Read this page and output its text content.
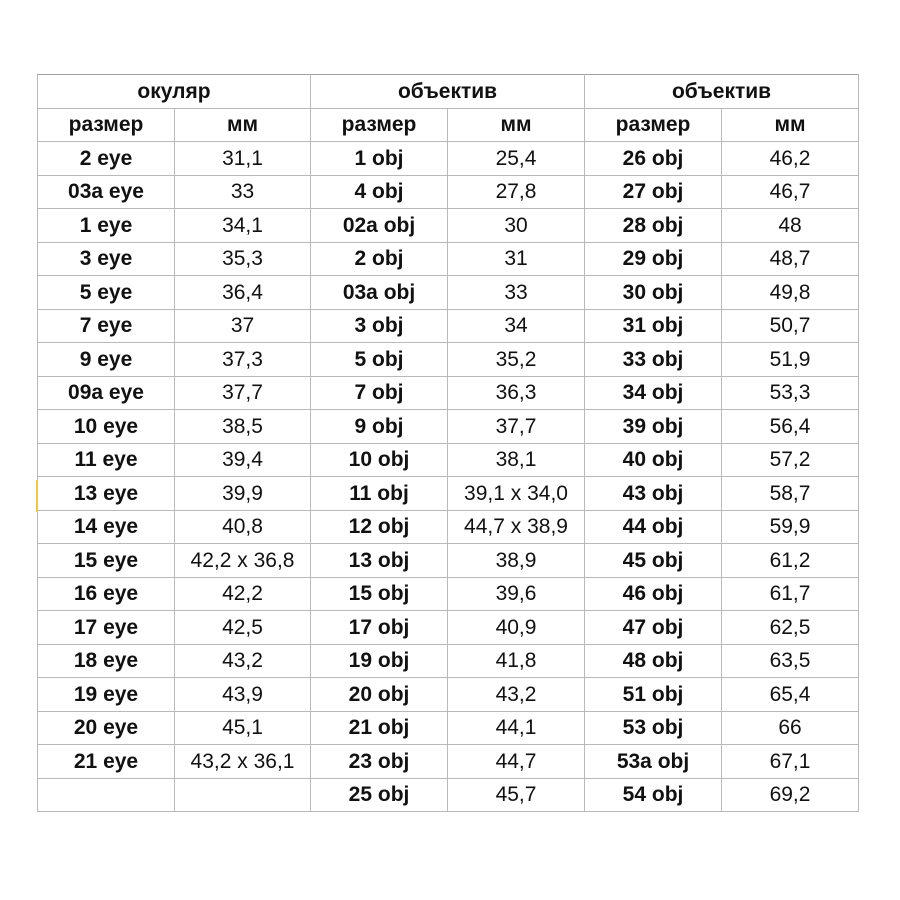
окуляр		объектив		объектив	
размер	мм	размер	мм	размер	мм
2 eye	31,1	1 obj	25,4	26 obj	46,2
03a eye	33	4 obj	27,8	27 obj	46,7
1 eye	34,1	02a obj	30	28 obj	48
3 eye	35,3	2 obj	31	29 obj	48,7
5 eye	36,4	03a obj	33	30 obj	49,8
7 eye	37	3 obj	34	31 obj	50,7
9 eye	37,3	5 obj	35,2	33 obj	51,9
09a eye	37,7	7 obj	36,3	34 obj	53,3
10 eye	38,5	9 obj	37,7	39 obj	56,4
11 eye	39,4	10 obj	38,1	40 obj	57,2
13 eye	39,9	11 obj	39,1 x 34,0	43 obj	58,7
14 eye	40,8	12 obj	44,7 x 38,9	44 obj	59,9
15 eye	42,2 x 36,8	13 obj	38,9	45 obj	61,2
16 eye	42,2	15 obj	39,6	46 obj	61,7
17 eye	42,5	17 obj	40,9	47 obj	62,5
18 eye	43,2	19 obj	41,8	48 obj	63,5
19 eye	43,9	20 obj	43,2	51 obj	65,4
20 eye	45,1	21 obj	44,1	53 obj	66
21 eye	43,2 x 36,1	23 obj	44,7	53a obj	67,1
		25 obj	45,7	54 obj	69,2
